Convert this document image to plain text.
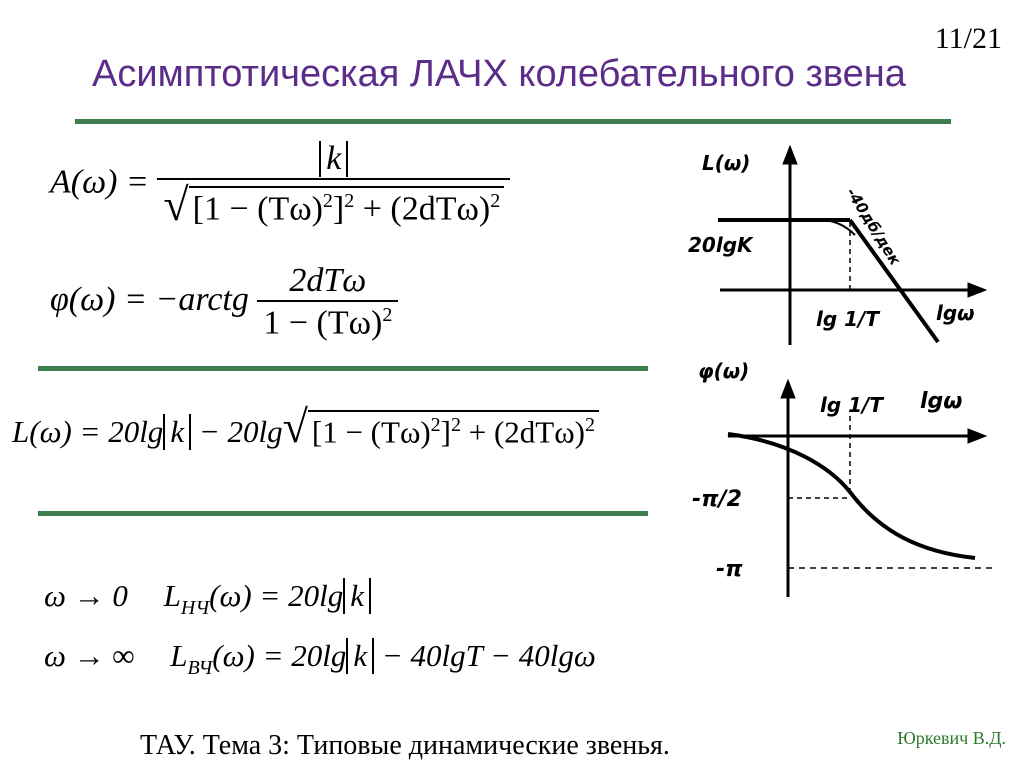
11/21
Асимптотическая ЛАЧХ колебательного звена
$A(\omega) = \frac{k}{√ [1 - (T\omega)^2]^2 + (2dT\omega)^2}$
φ(ω) = −arctg $\frac{\text{2dTω}}{1 - (T\omega)^2}$
L(ω) = 20lg k − 20lg √ $[1 - (T\omega)^2]^2 + (2dT\omega)^2$
ω → 0 $L_{НЧ}(\omega) = 20\lg$ k
ω → ∞ $L_{ВЧ}(\omega) = 20\lg$ k − 40lgT − 40lgω
L(ω)
20lgK	-40дб/дек
lg 1/T	lgω
φ(ω)
lg 1/T lgω
-π/2
-π
ТАУ. Тема 3: Типовые динамические звенья.	Юркевич В.Д.
